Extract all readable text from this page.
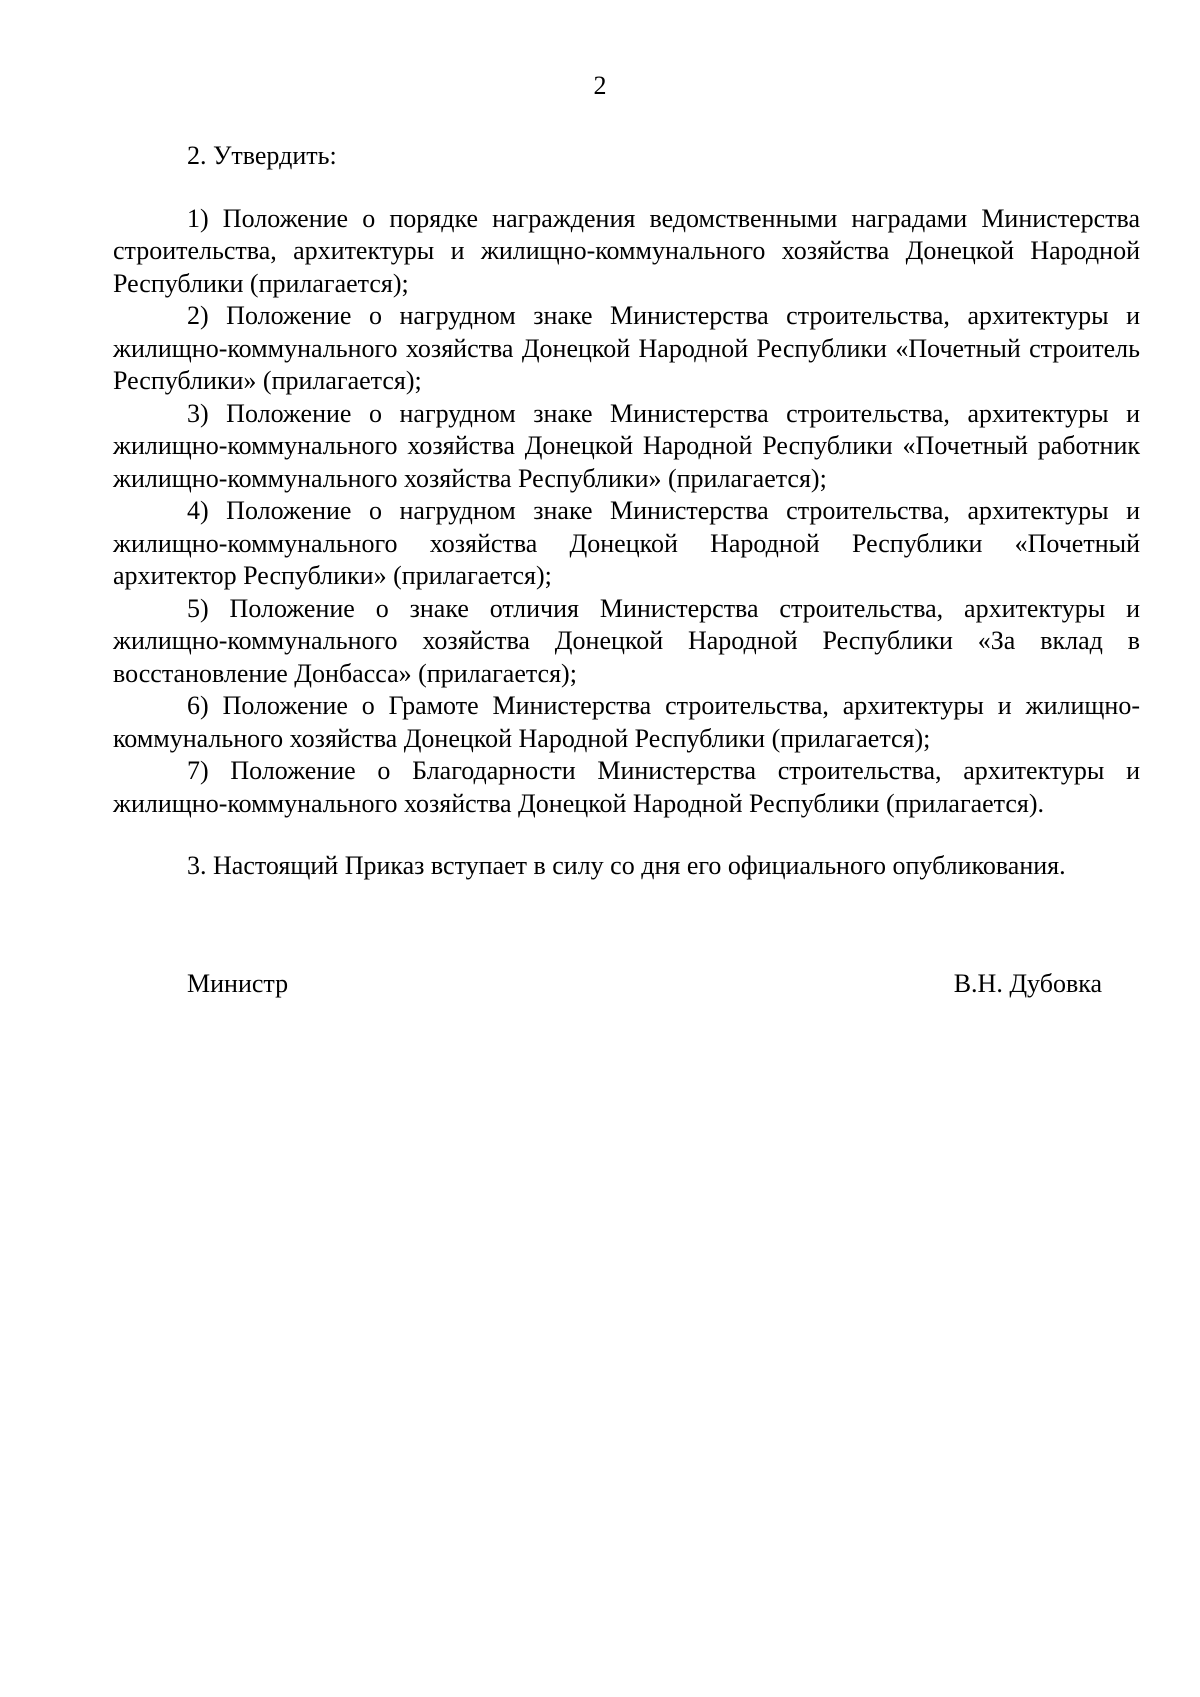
2

2. Утвердить:

1) Положение о порядке награждения ведомственными наградами Министерства строительства, архитектуры и жилищно-коммунального хозяйства Донецкой Народной Республики (прилагается);

2) Положение о нагрудном знаке Министерства строительства, архитектуры и жилищно-коммунального хозяйства Донецкой Народной Республики «Почетный строитель Республики» (прилагается);

3) Положение о нагрудном знаке Министерства строительства, архитектуры и жилищно-коммунального хозяйства Донецкой Народной Республики «Почетный работник жилищно-коммунального хозяйства Республики» (прилагается);

4) Положение о нагрудном знаке Министерства строительства, архитектуры и жилищно-коммунального хозяйства Донецкой Народной Республики «Почетный архитектор Республики» (прилагается);

5) Положение о знаке отличия Министерства строительства, архитектуры и жилищно-коммунального хозяйства Донецкой Народной Республики «За вклад в восстановление Донбасса» (прилагается);

6) Положение о Грамоте Министерства строительства, архитектуры и жилищно-коммунального хозяйства Донецкой Народной Республики (прилагается);

7) Положение о Благодарности Министерства строительства, архитектуры и жилищно-коммунального хозяйства Донецкой Народной Республики (прилагается).

3. Настоящий Приказ вступает в силу со дня его официального опубликования.

Министр	В.Н. Дубовка
